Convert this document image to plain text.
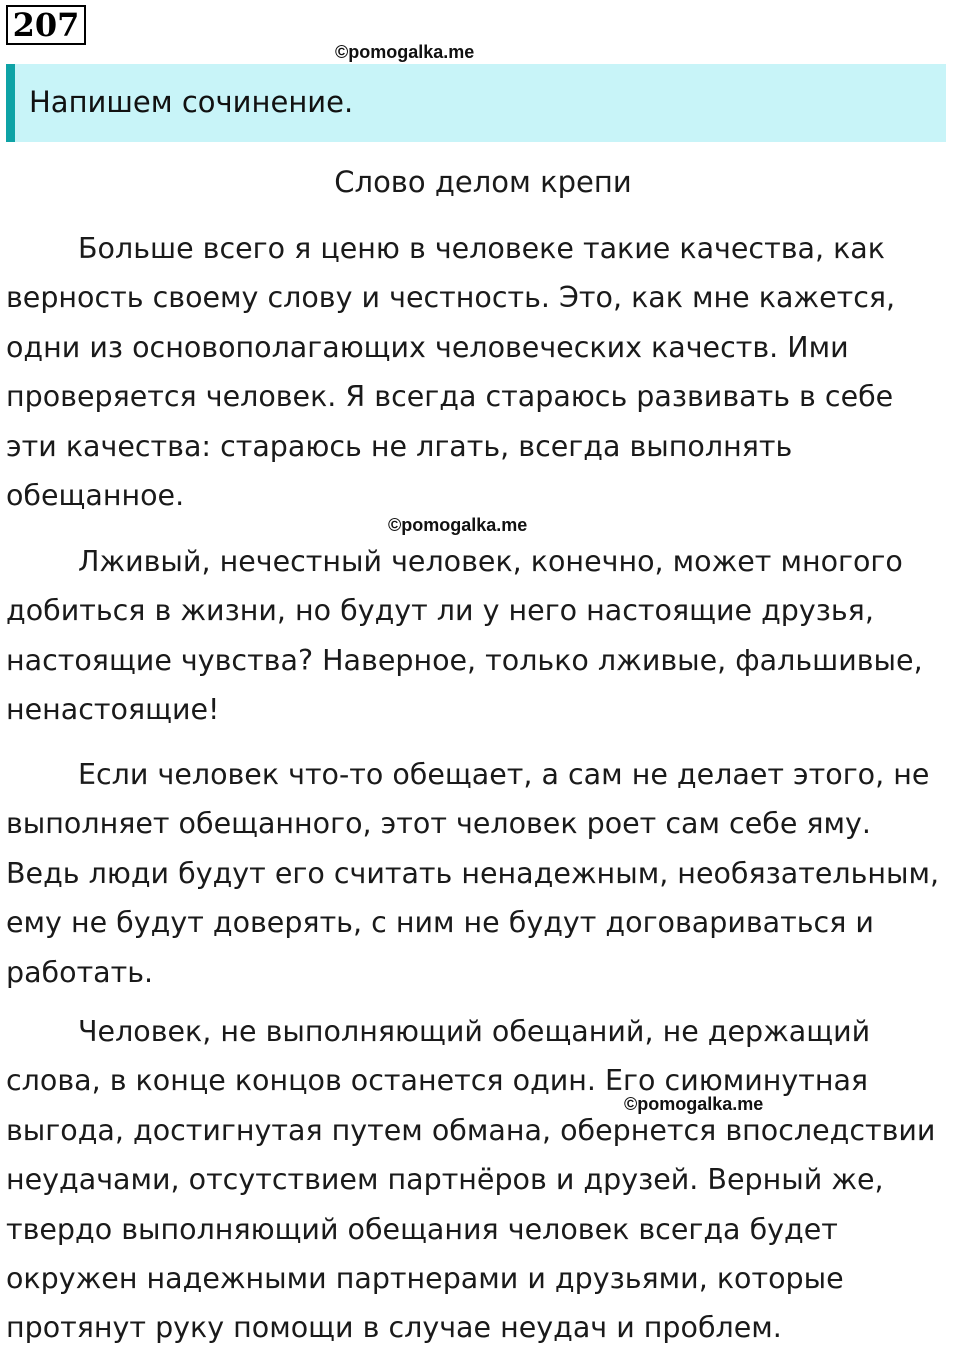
207
©pomogalka.me
Напишем сочинение.
Слово делом крепи

Больше всего я ценю в человеке такие качества, как верность своему слову и честность. Это, как мне кажется, одни из основополагающих человеческих качеств. Ими проверяется человек. Я всегда стараюсь развивать в себе эти качества: стараюсь не лгать, всегда выполнять обещанное.

©pomogalka.me

Лживый, нечестный человек, конечно, может многого добиться в жизни, но будут ли у него настоящие друзья, настоящие чувства? Наверное, только лживые, фальшивые, ненастоящие!

Если человек что-то обещает, а сам не делает этого, не выполняет обещанного, этот человек роет сам себе яму. Ведь люди будут его считать ненадежным, необязательным, ему не будут доверять, с ним не будут договариваться и работать.

Человек, не выполняющий обещаний, не держащий слова, в конце концов останется один. Его сиюминутная выгода, достигнутая путем обмана, обернется впоследствии неудачами, отсутствием партнёров и друзей. Верный же, твердо выполняющий обещания человек всегда будет окружен надежными партнерами и друзьями, которые протянут руку помощи в случае неудач и проблем.

©pomogalka.me
